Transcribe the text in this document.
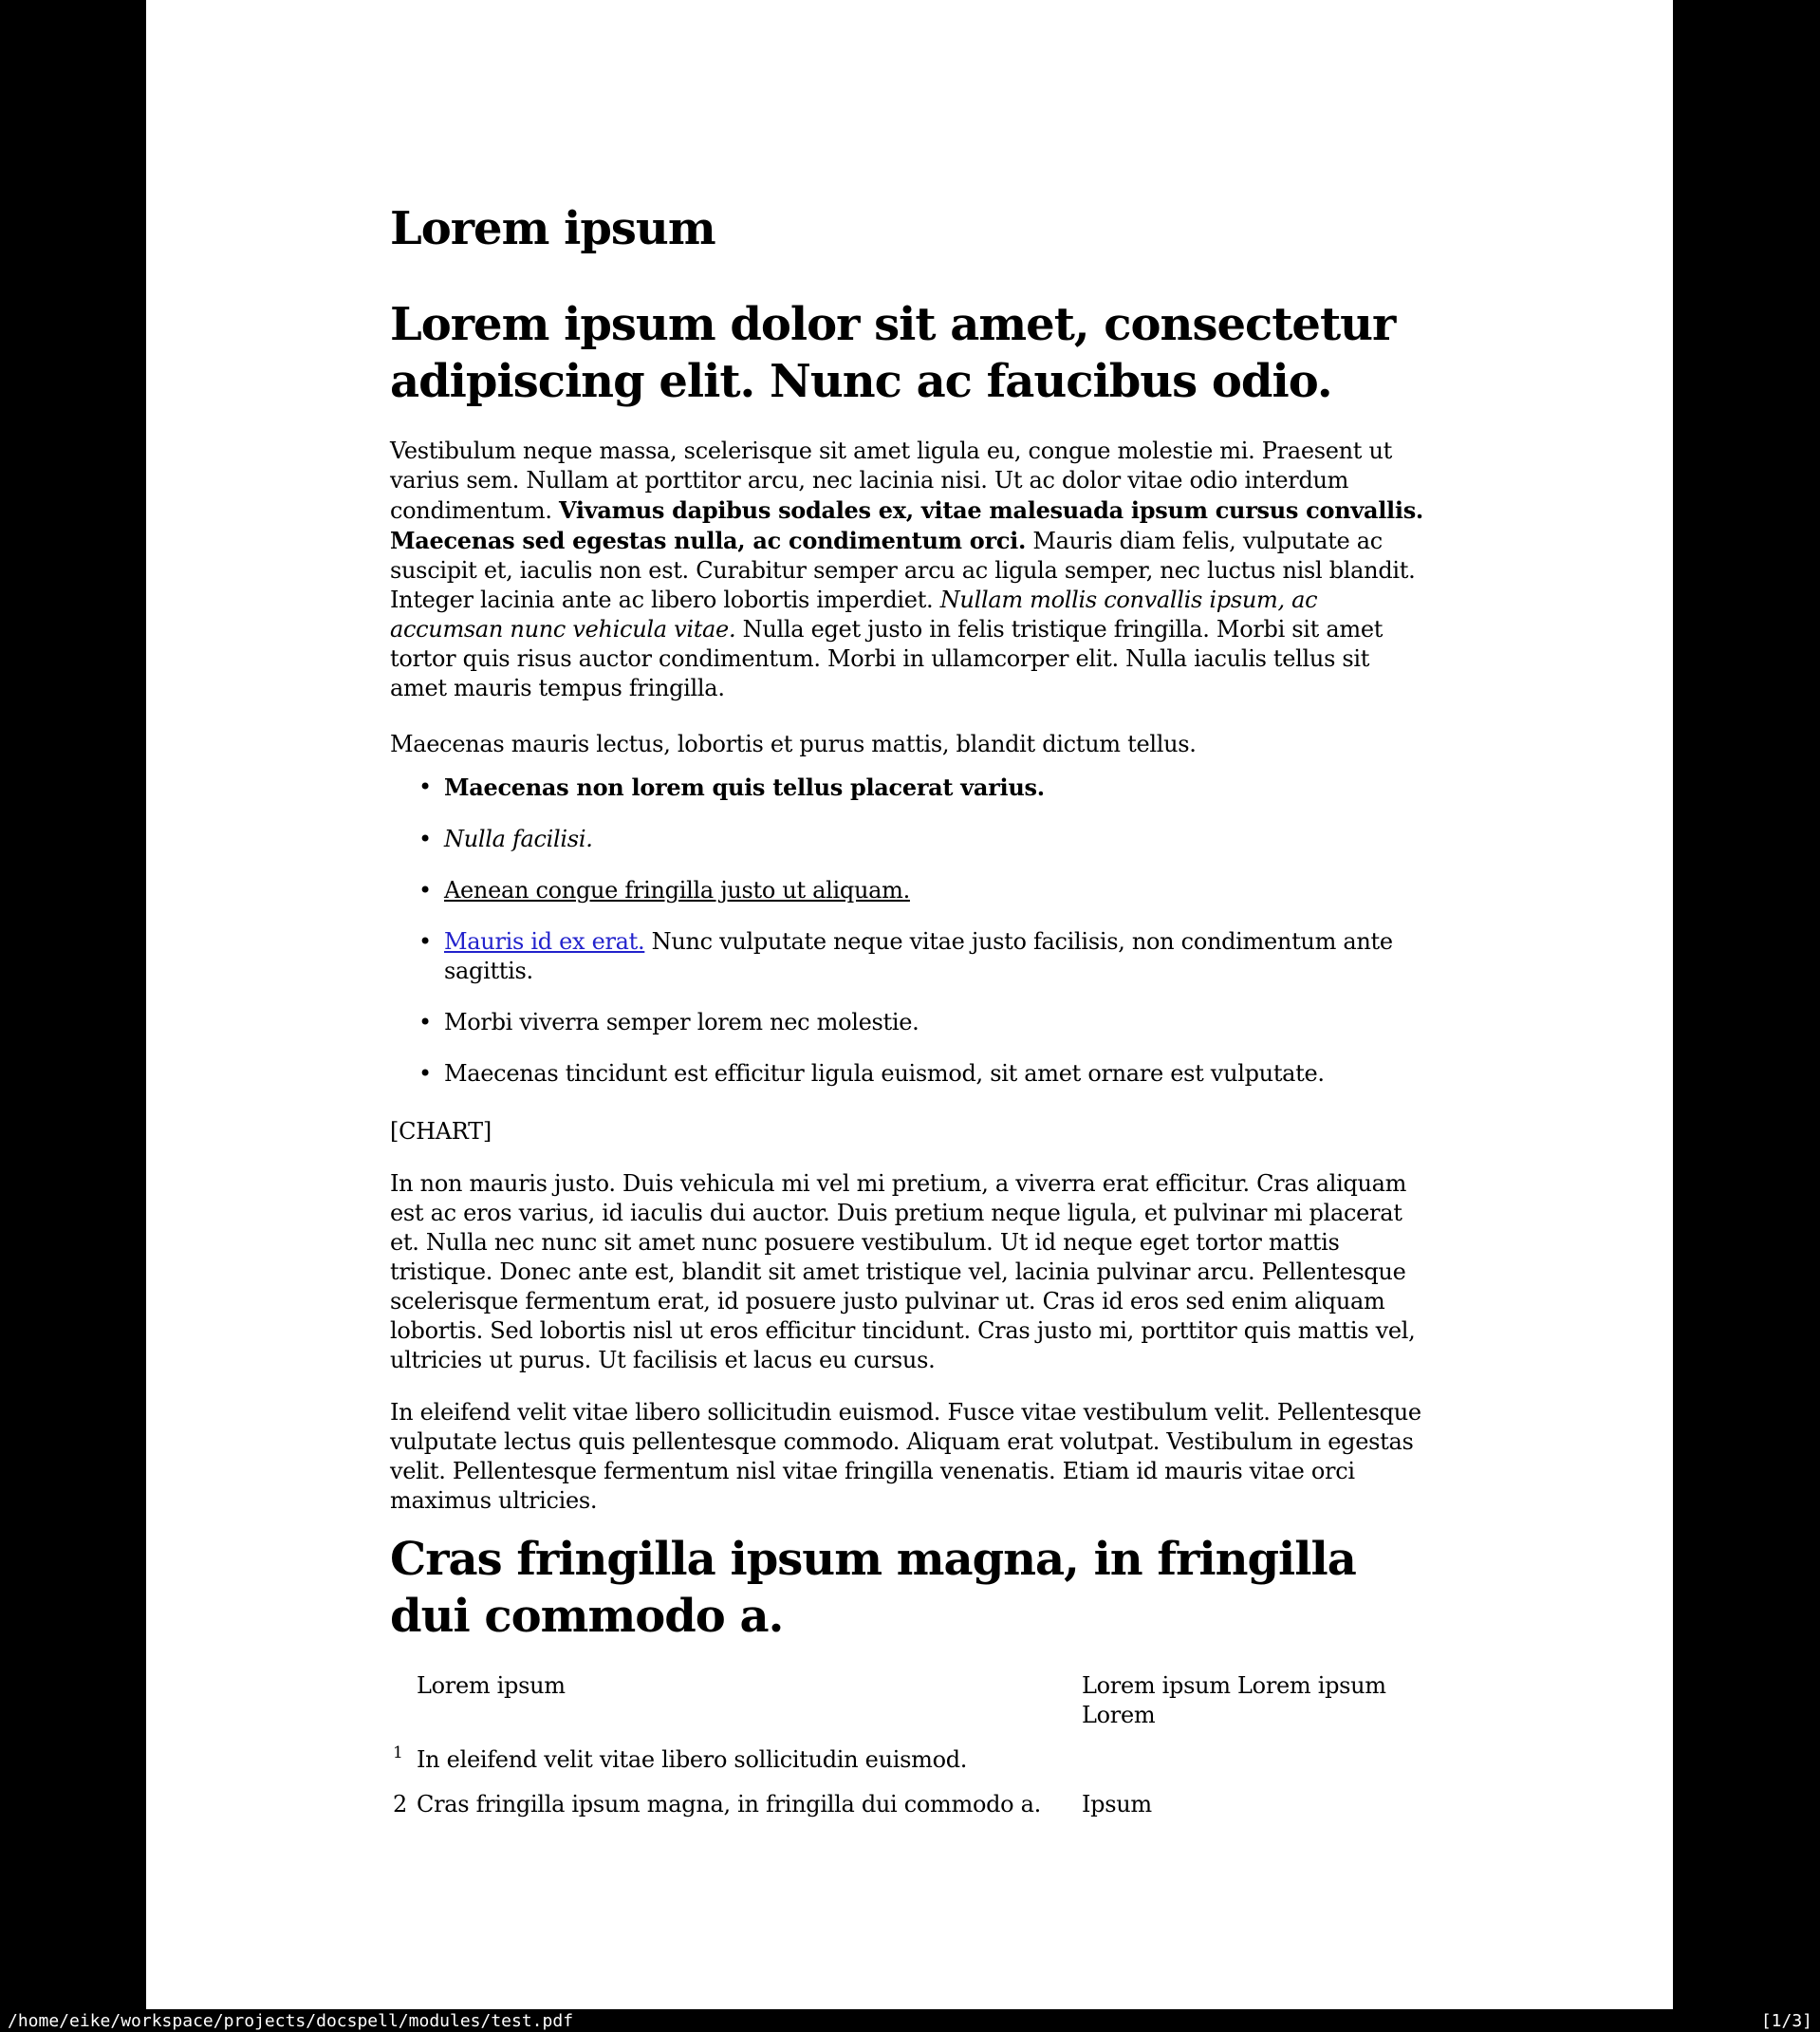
Lorem ipsum
Lorem ipsum dolor sit amet, consectetur adipiscing elit. Nunc ac faucibus odio.

Vestibulum neque massa, scelerisque sit amet ligula eu, congue molestie mi. Praesent ut varius sem. Nullam at porttitor arcu, nec lacinia nisi. Ut ac dolor vitae odio interdum condimentum. Vivamus dapibus sodales ex, vitae malesuada ipsum cursus convallis. Maecenas sed egestas nulla, ac condimentum orci. Mauris diam felis, vulputate ac suscipit et, iaculis non est. Curabitur semper arcu ac ligula semper, nec luctus nisl blandit. Integer lacinia ante ac libero lobortis imperdiet. Nullam mollis convallis ipsum, ac accumsan nunc vehicula vitae. Nulla eget justo in felis tristique fringilla. Morbi sit amet tortor quis risus auctor condimentum. Morbi in ullamcorper elit. Nulla iaculis tellus sit amet mauris tempus fringilla.

Maecenas mauris lectus, lobortis et purus mattis, blandit dictum tellus.

• Maecenas non lorem quis tellus placerat varius.
• Nulla facilisi.
• Aenean congue fringilla justo ut aliquam.
• Mauris id ex erat. Nunc vulputate neque vitae justo facilisis, non condimentum ante sagittis.
• Morbi viverra semper lorem nec molestie.
• Maecenas tincidunt est efficitur ligula euismod, sit amet ornare est vulputate.

[CHART]

In non mauris justo. Duis vehicula mi vel mi pretium, a viverra erat efficitur. Cras aliquam est ac eros varius, id iaculis dui auctor. Duis pretium neque ligula, et pulvinar mi placerat et. Nulla nec nunc sit amet nunc posuere vestibulum. Ut id neque eget tortor mattis tristique. Donec ante est, blandit sit amet tristique vel, lacinia pulvinar arcu. Pellentesque scelerisque fermentum erat, id posuere justo pulvinar ut. Cras id eros sed enim aliquam lobortis. Sed lobortis nisl ut eros efficitur tincidunt. Cras justo mi, porttitor quis mattis vel, ultricies ut purus. Ut facilisis et lacus eu cursus.

In eleifend velit vitae libero sollicitudin euismod. Fusce vitae vestibulum velit. Pellentesque vulputate lectus quis pellentesque commodo. Aliquam erat volutpat. Vestibulum in egestas velit. Pellentesque fermentum nisl vitae fringilla venenatis. Etiam id mauris vitae orci maximus ultricies.

Cras fringilla ipsum magna, in fringilla dui commodo a.
Lorem ipsum	Lorem ipsum Lorem ipsum Lorem
1 In eleifend velit vitae libero sollicitudin euismod.
2 Cras fringilla ipsum magna, in fringilla dui commodo a.	Ipsum
/home/eike/workspace/projects/docspell/modules/test.pdf	[1/3]
